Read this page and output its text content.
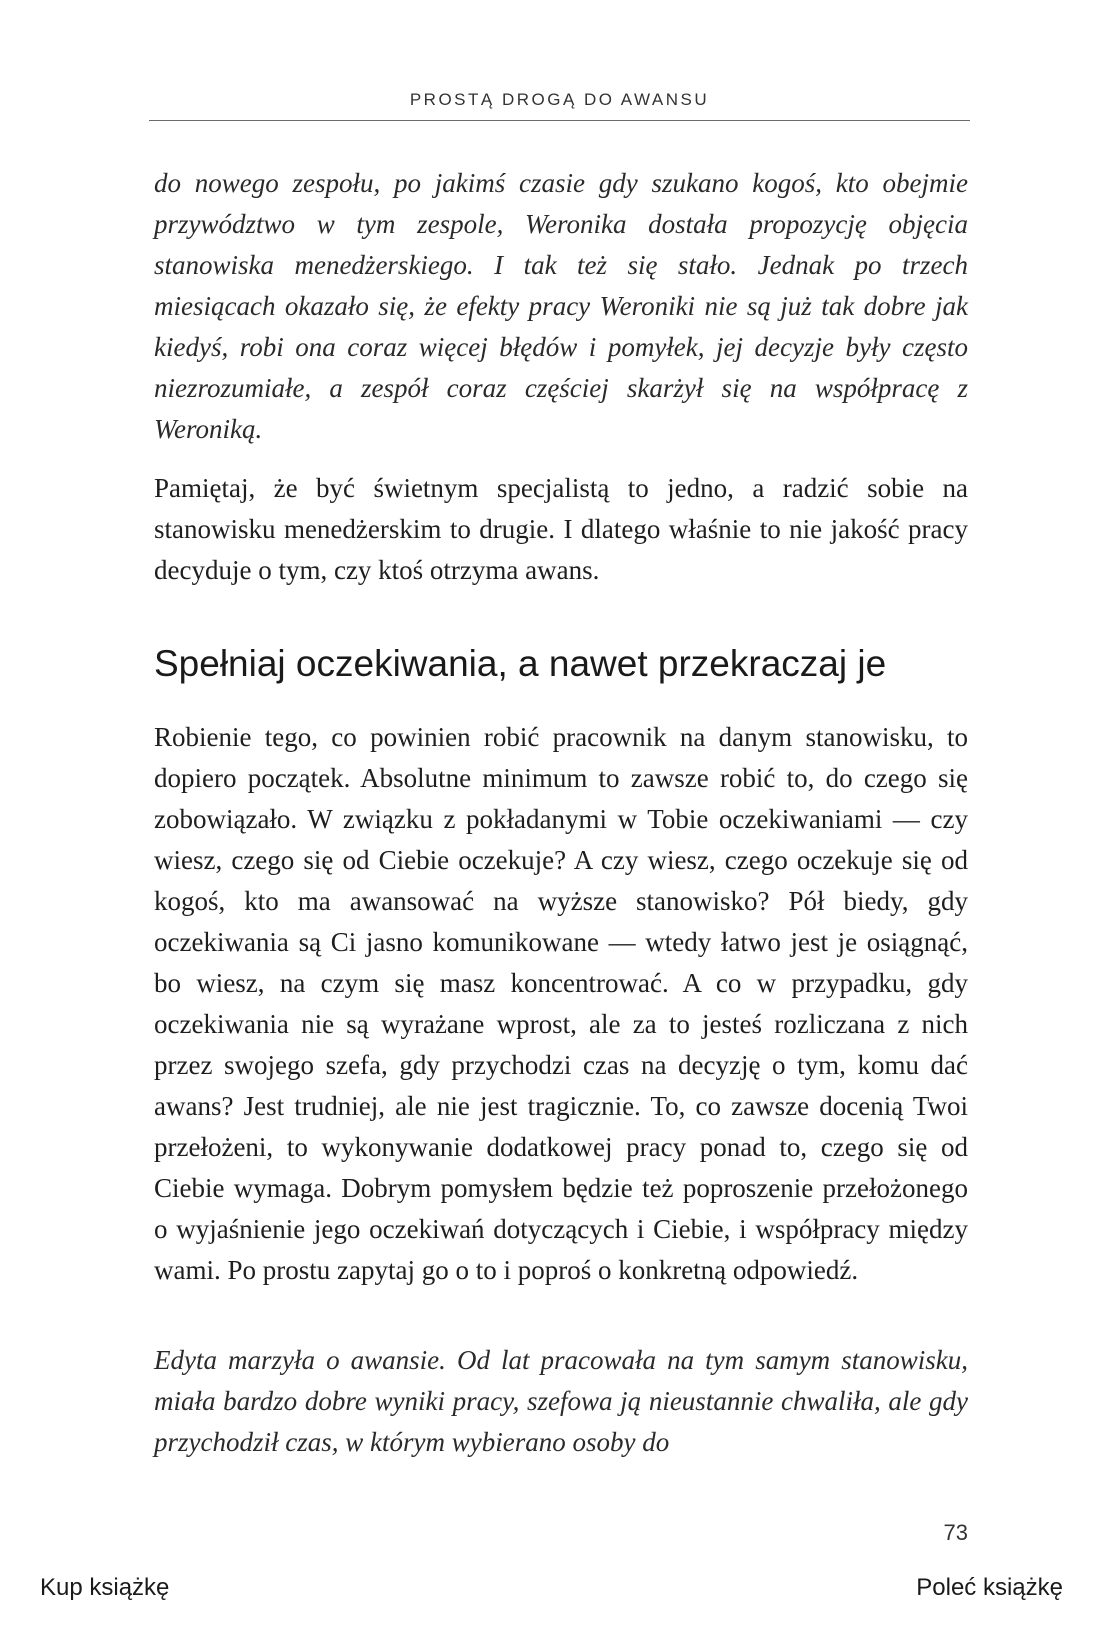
PROSTĄ DROGĄ DO AWANSU

do nowego zespołu, po jakimś czasie gdy szukano kogoś, kto obejmie przywództwo w tym zespole, Weronika dostała propozycję objęcia stanowiska menedżerskiego. I tak też się stało. Jednak po trzech miesiącach okazało się, że efekty pracy Weroniki nie są już tak dobre jak kiedyś, robi ona coraz więcej błędów i pomyłek, jej decyzje były często niezrozumiałe, a zespół coraz częściej skarżył się na współpracę z Weroniką.

Pamiętaj, że być świetnym specjalistą to jedno, a radzić sobie na stanowisku menedżerskim to drugie. I dlatego właśnie to nie jakość pracy decyduje o tym, czy ktoś otrzyma awans.

Spełniaj oczekiwania, a nawet przekraczaj je

Robienie tego, co powinien robić pracownik na danym stanowisku, to dopiero początek. Absolutne minimum to zawsze robić to, do czego się zobowiązało. W związku z pokładanymi w Tobie oczekiwaniami — czy wiesz, czego się od Ciebie oczekuje? A czy wiesz, czego oczekuje się od kogoś, kto ma awansować na wyższe stanowisko? Pół biedy, gdy oczekiwania są Ci jasno komunikowane — wtedy łatwo jest je osiągnąć, bo wiesz, na czym się masz koncentrować. A co w przypadku, gdy oczekiwania nie są wyrażane wprost, ale za to jesteś rozliczana z nich przez swojego szefa, gdy przychodzi czas na decyzję o tym, komu dać awans? Jest trudniej, ale nie jest tragicznie. To, co zawsze docenią Twoi przełożeni, to wykonywanie dodatkowej pracy ponad to, czego się od Ciebie wymaga. Dobrym pomysłem będzie też poproszenie przełożonego o wyjaśnienie jego oczekiwań dotyczących i Ciebie, i współpracy między wami. Po prostu zapytaj go o to i poproś o konkretną odpowiedź.

Edyta marzyła o awansie. Od lat pracowała na tym samym stanowisku, miała bardzo dobre wyniki pracy, szefowa ją nieustannie chwaliła, ale gdy przychodził czas, w którym wybierano osoby do

73
Kup książkę	Poleć książkę
